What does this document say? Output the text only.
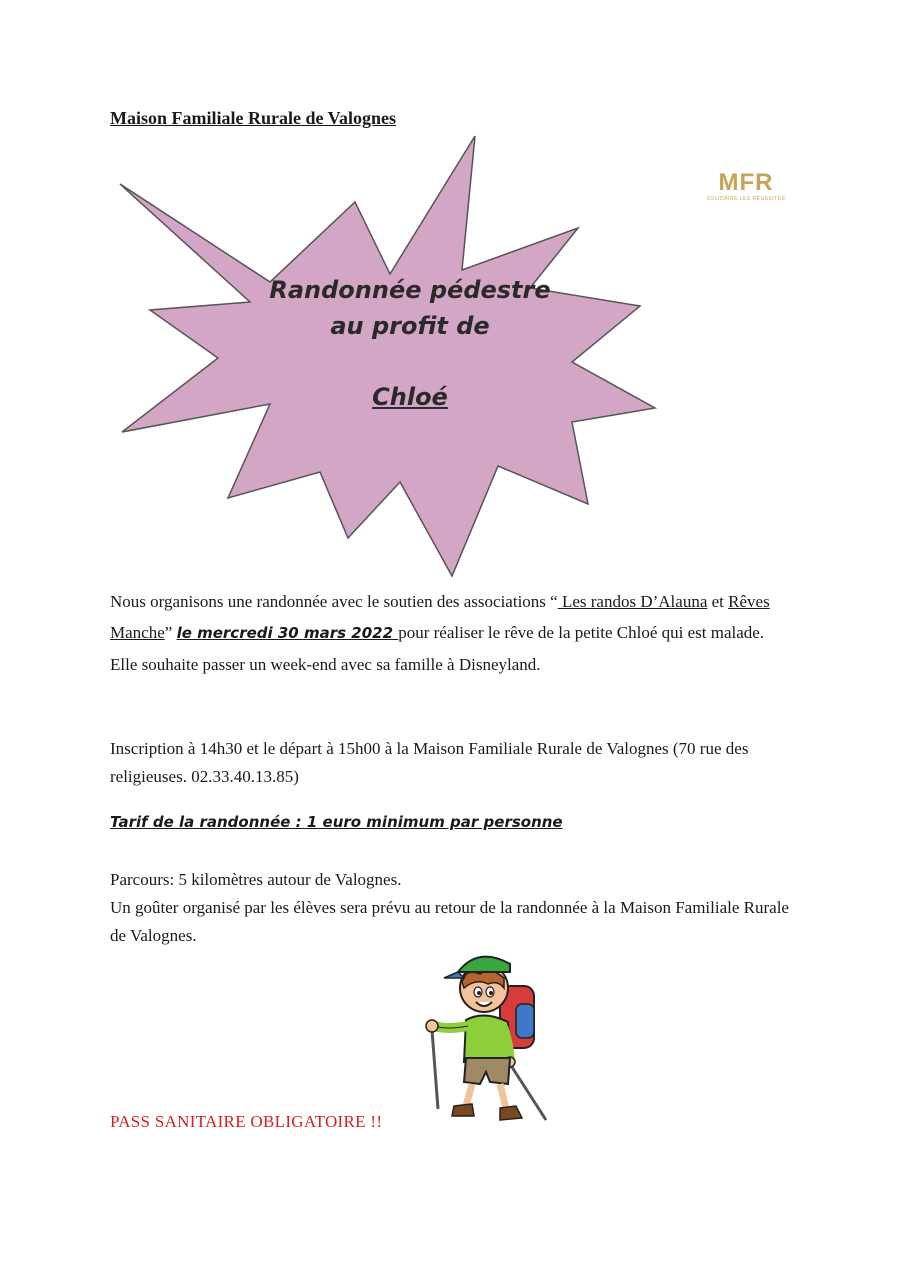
Maison Familiale Rurale de Valognes
MFR
SOLIDAIRE LES RÉUSSITES
Randonnée pédestre
au profit de
Chloé
Nous organisons une randonnée avec le soutien des associations “ Les randos D’Alauna et Rêves Manche” le mercredi 30 mars 2022 pour réaliser le rêve de la petite Chloé qui est malade. Elle souhaite passer un week-end avec sa famille à Disneyland.
Inscription à 14h30 et le départ à 15h00 à la Maison Familiale Rurale de Valognes (70 rue des religieuses. 02.33.40.13.85)
Tarif de la randonnée : 1 euro minimum par personne
Parcours: 5 kilomètres autour de Valognes.
Un goûter organisé par les élèves sera prévu au retour de la randonnée à la Maison Familiale Rurale de Valognes.
PASS SANITAIRE OBLIGATOIRE !!
